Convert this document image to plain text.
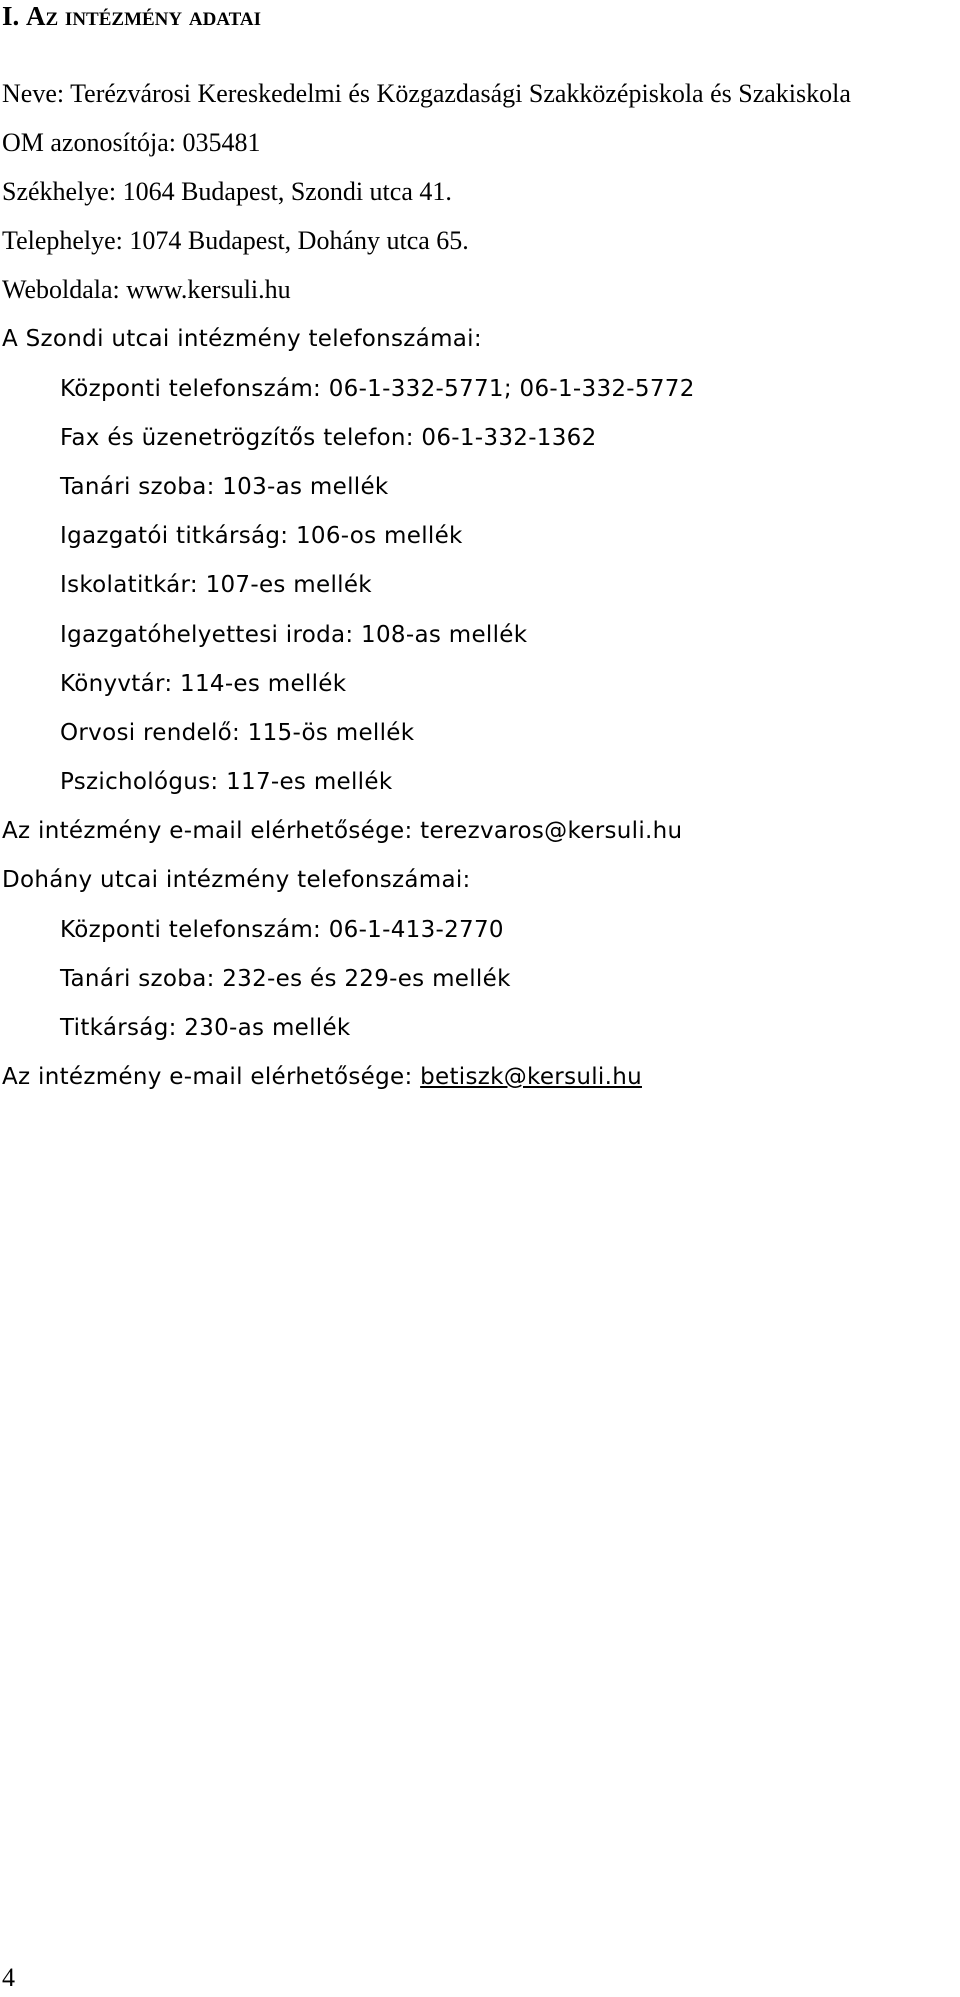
I. Az intézmény adatai

Neve: Terézvárosi Kereskedelmi és Közgazdasági Szakközépiskola és Szakiskola

OM azonosítója: 035481

Székhelye: 1064 Budapest, Szondi utca 41.

Telephelye: 1074 Budapest, Dohány utca 65.

Weboldala: www.kersuli.hu

A Szondi utcai intézmény telefonszámai:

Központi telefonszám: 06-1-332-5771; 06-1-332-5772

Fax és üzenetrögzítős telefon: 06-1-332-1362

Tanári szoba: 103-as mellék

Igazgatói titkárság: 106-os mellék

Iskolatitkár: 107-es mellék

Igazgatóhelyettesi iroda: 108-as mellék

Könyvtár: 114-es mellék

Orvosi rendelő: 115-ös mellék

Pszichológus: 117-es mellék

Az intézmény e-mail elérhetősége: terezvaros@kersuli.hu

Dohány utcai intézmény telefonszámai:

Központi telefonszám: 06-1-413-2770

Tanári szoba: 232-es és 229-es mellék

Titkárság: 230-as mellék

Az intézmény e-mail elérhetősége: betiszk@kersuli.hu

4
